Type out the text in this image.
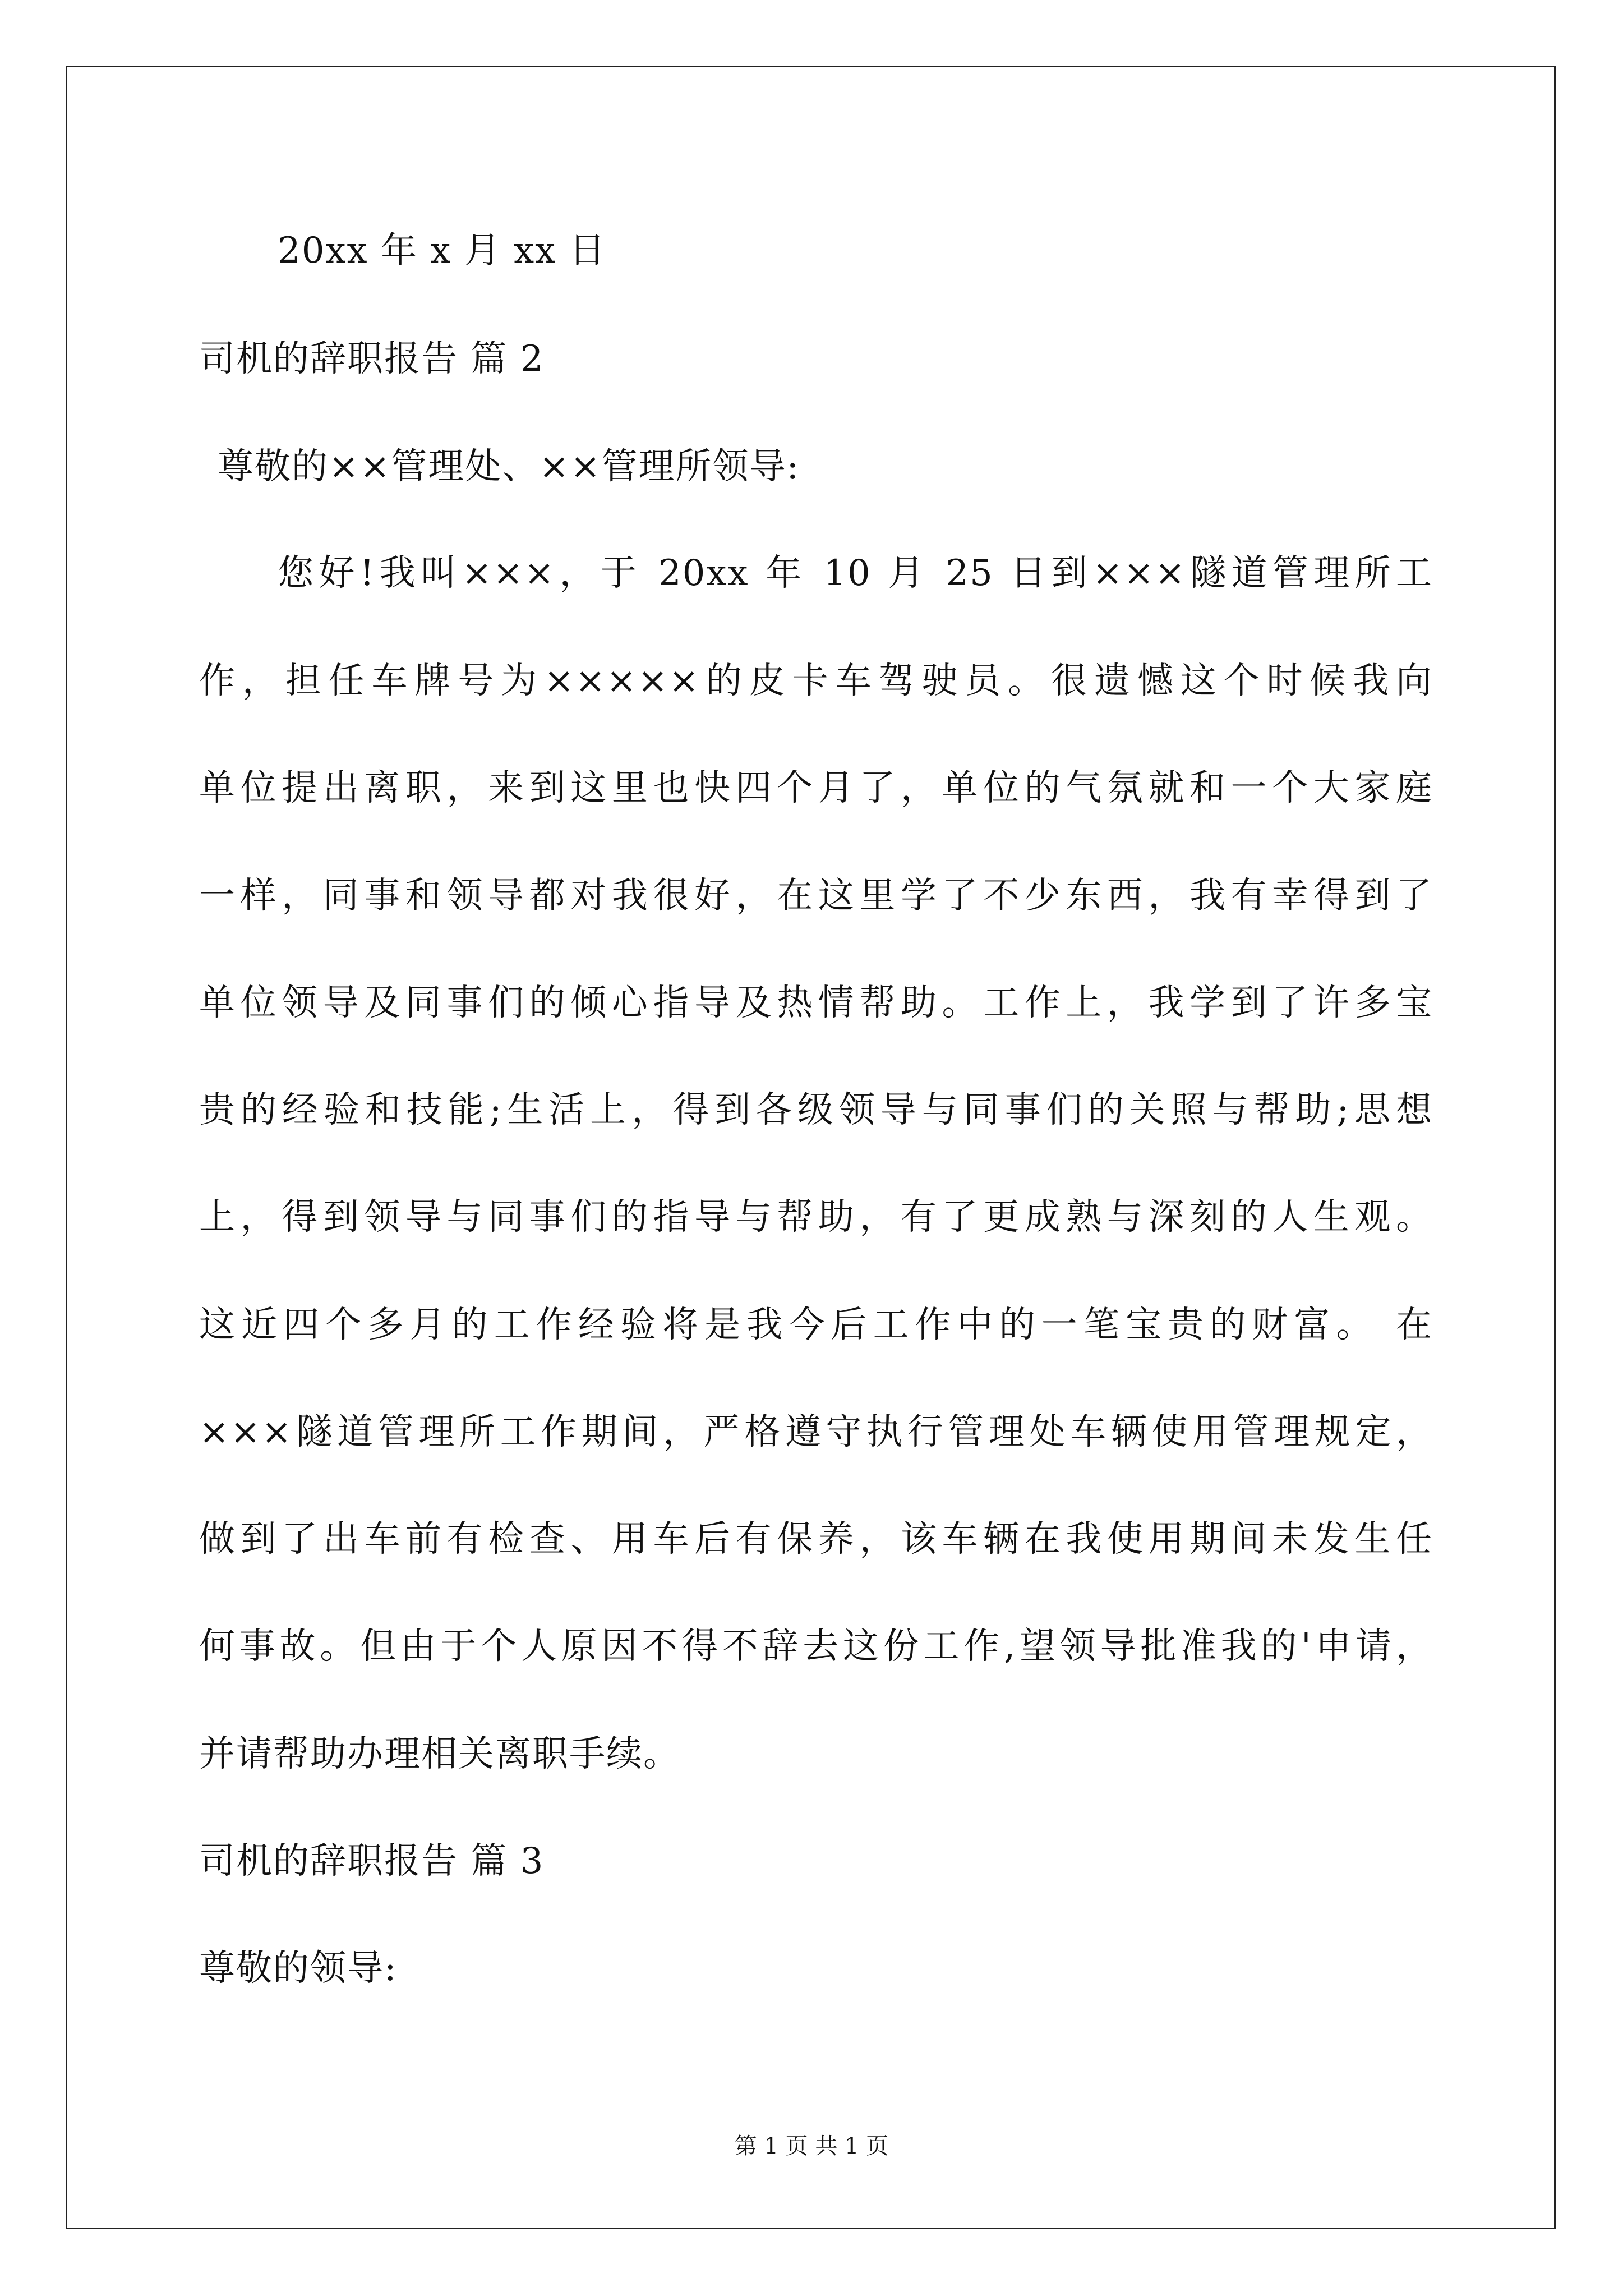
20xx 年 x 月 xx 日
司机的辞职报告 篇 2
尊敬的××管理处、××管理所领导:
您好!我叫×××，于 20xx 年 10 月 25 日到×××隧道管理所工
作，担任车牌号为×××××的皮卡车驾驶员。很遗憾这个时候我向
单位提出离职，来到这里也快四个月了，单位的气氛就和一个大家庭
一样，同事和领导都对我很好，在这里学了不少东西，我有幸得到了
单位领导及同事们的倾心指导及热情帮助。工作上，我学到了许多宝
贵的经验和技能;生活上，得到各级领导与同事们的关照与帮助;思想
上，得到领导与同事们的指导与帮助，有了更成熟与深刻的人生观。
这近四个多月的工作经验将是我今后工作中的一笔宝贵的财富。 在
×××隧道管理所工作期间，严格遵守执行管理处车辆使用管理规定，
做到了出车前有检查、用车后有保养，该车辆在我使用期间未发生任
何事故。但由于个人原因不得不辞去这份工作,望领导批准我的'申请，
并请帮助办理相关离职手续。
司机的辞职报告 篇 3
尊敬的领导:
第 1 页 共 1 页
